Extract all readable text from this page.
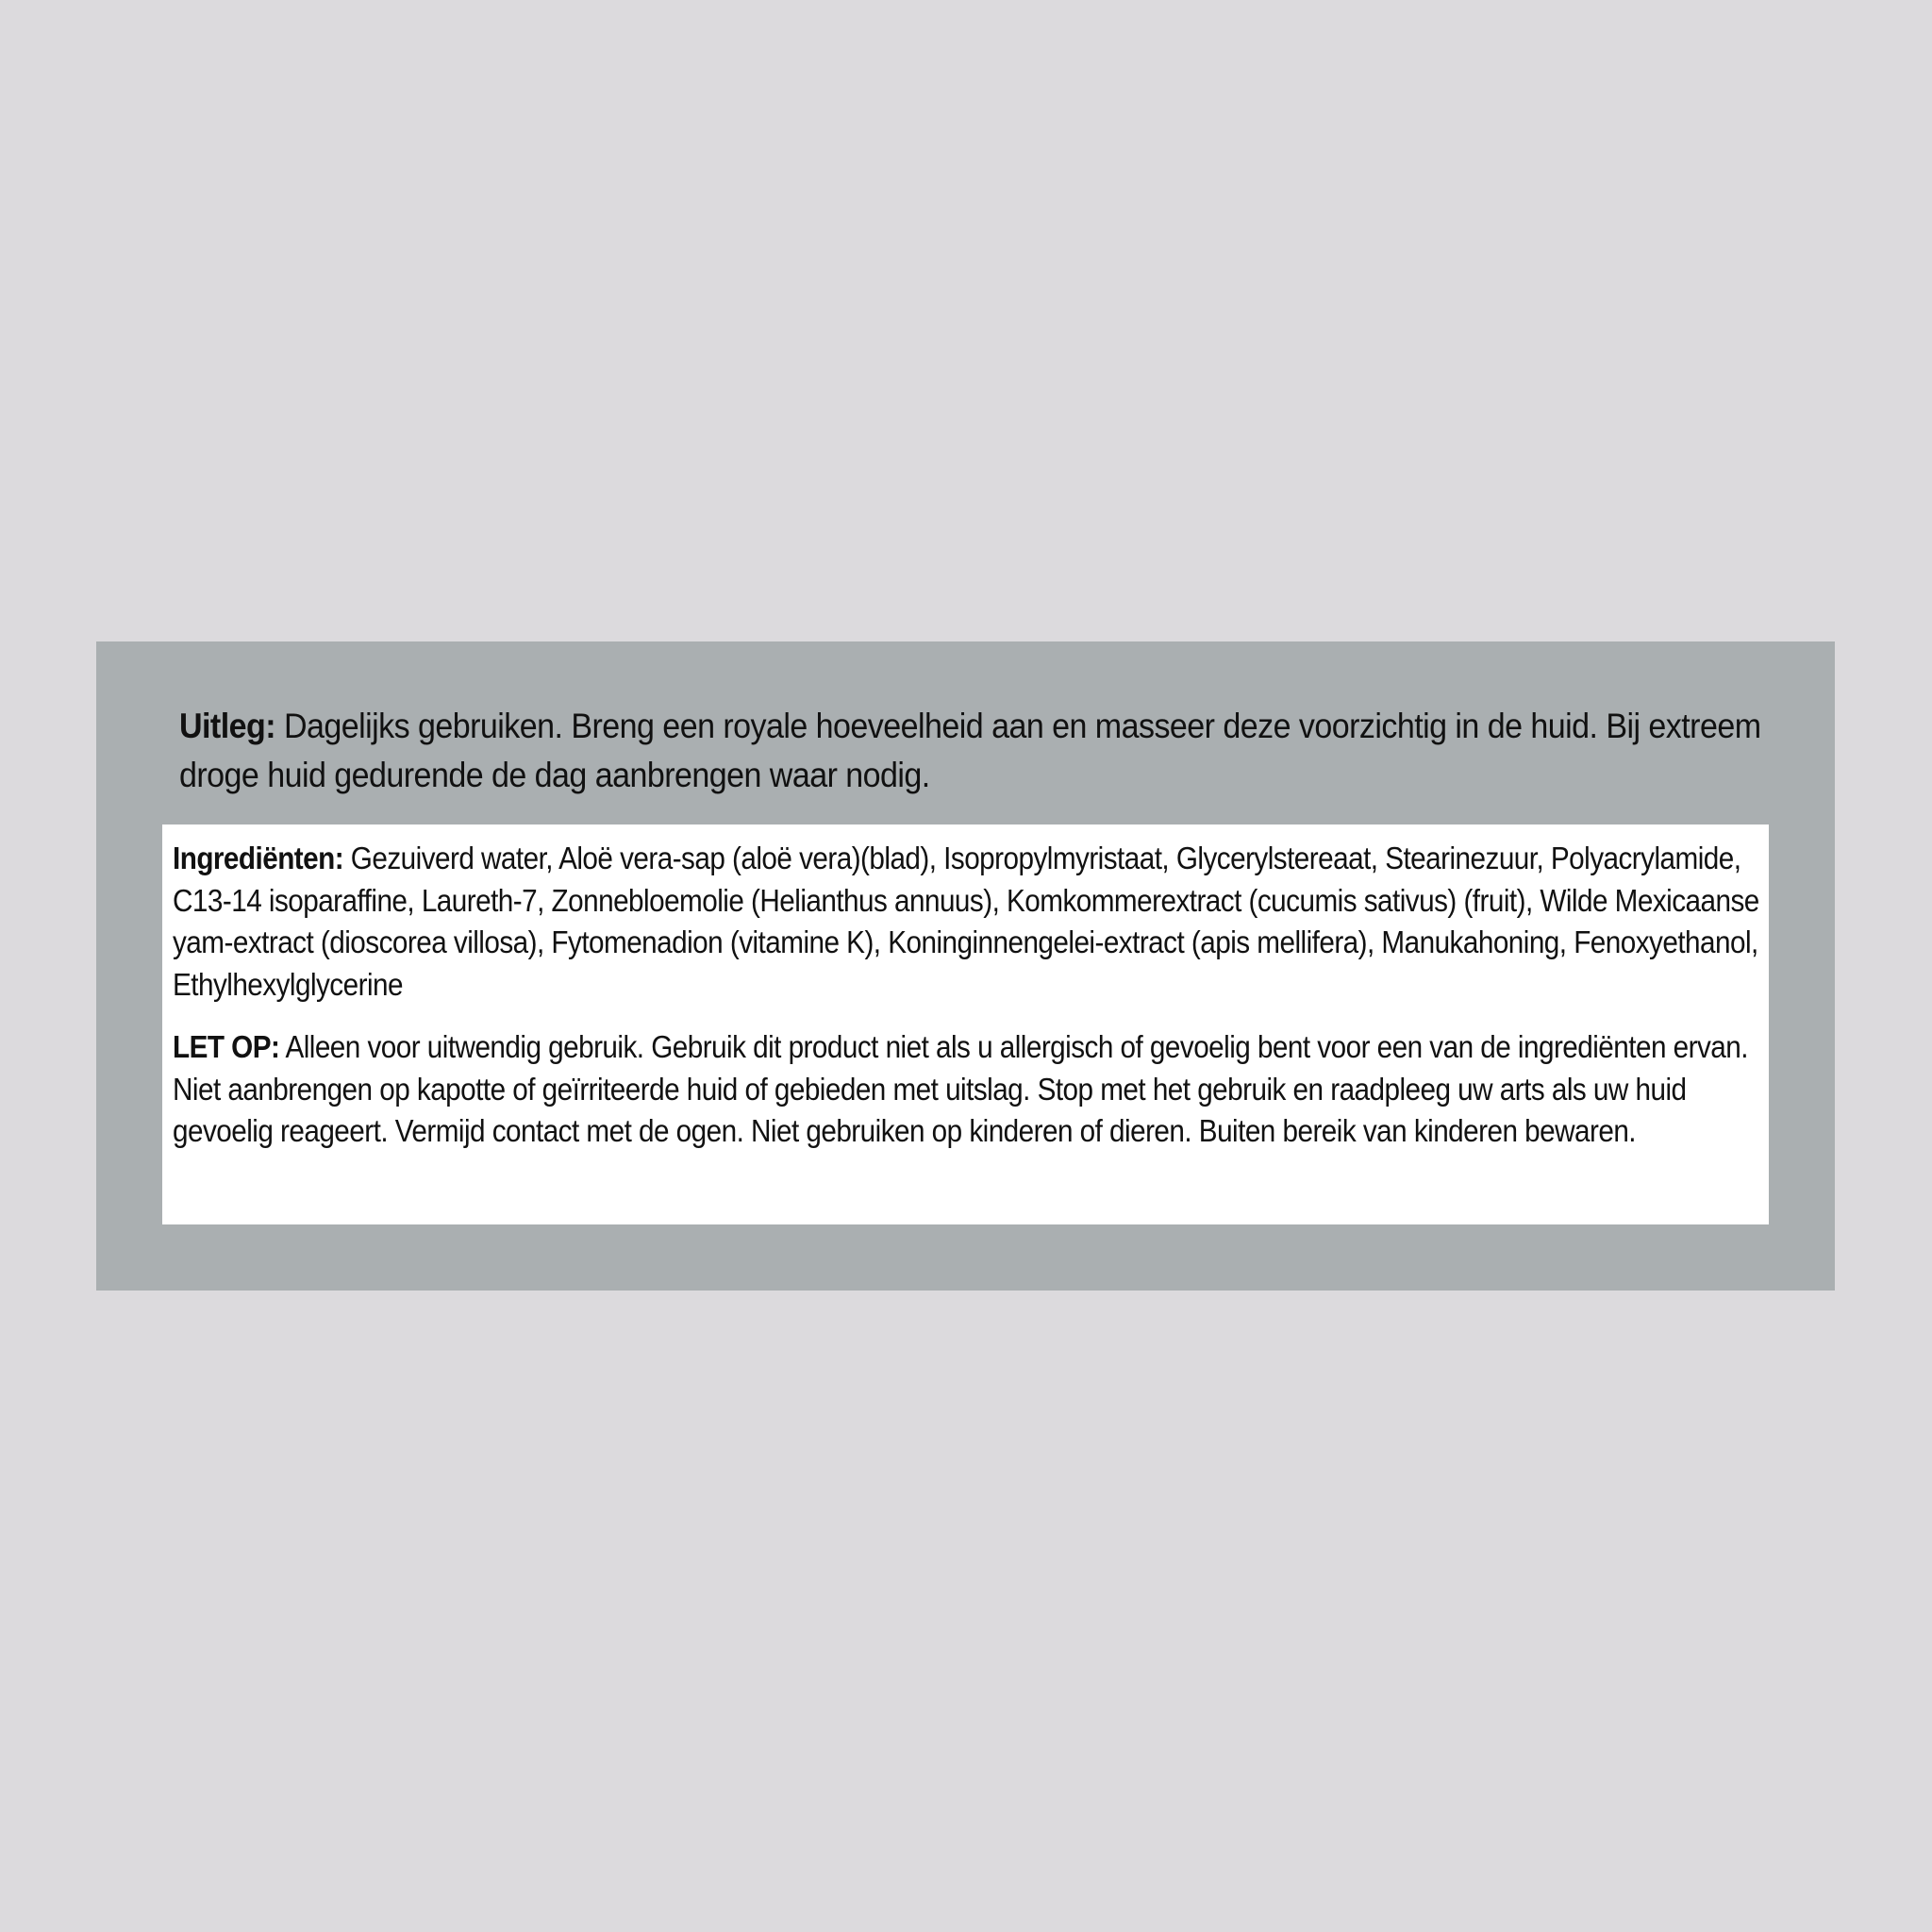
Uitleg: Dagelijks gebruiken. Breng een royale hoeveelheid aan en masseer deze voorzichtig in de huid. Bij extreem droge huid gedurende de dag aanbrengen waar nodig.
Ingrediënten: Gezuiverd water, Aloë vera-sap (aloë vera)(blad), Isopropylmyristaat, Glycerylstereaat, Stearinezuur, Polyacrylamide, C13-14 isoparaffine, Laureth-7, Zonnebloemolie (Helianthus annuus), Komkommerextract (cucumis sativus) (fruit), Wilde Mexicaanse yam-extract (dioscorea villosa), Fytomenadion (vitamine K), Koninginnengelei-extract (apis mellifera), Manukahoning, Fenoxyethanol, Ethylhexylglycerine
LET OP: Alleen voor uitwendig gebruik. Gebruik dit product niet als u allergisch of gevoelig bent voor een van de ingrediënten ervan. Niet aanbrengen op kapotte of geïrriteerde huid of gebieden met uitslag. Stop met het gebruik en raadpleeg uw arts als uw huid gevoelig reageert. Vermijd contact met de ogen. Niet gebruiken op kinderen of dieren. Buiten bereik van kinderen bewaren.
